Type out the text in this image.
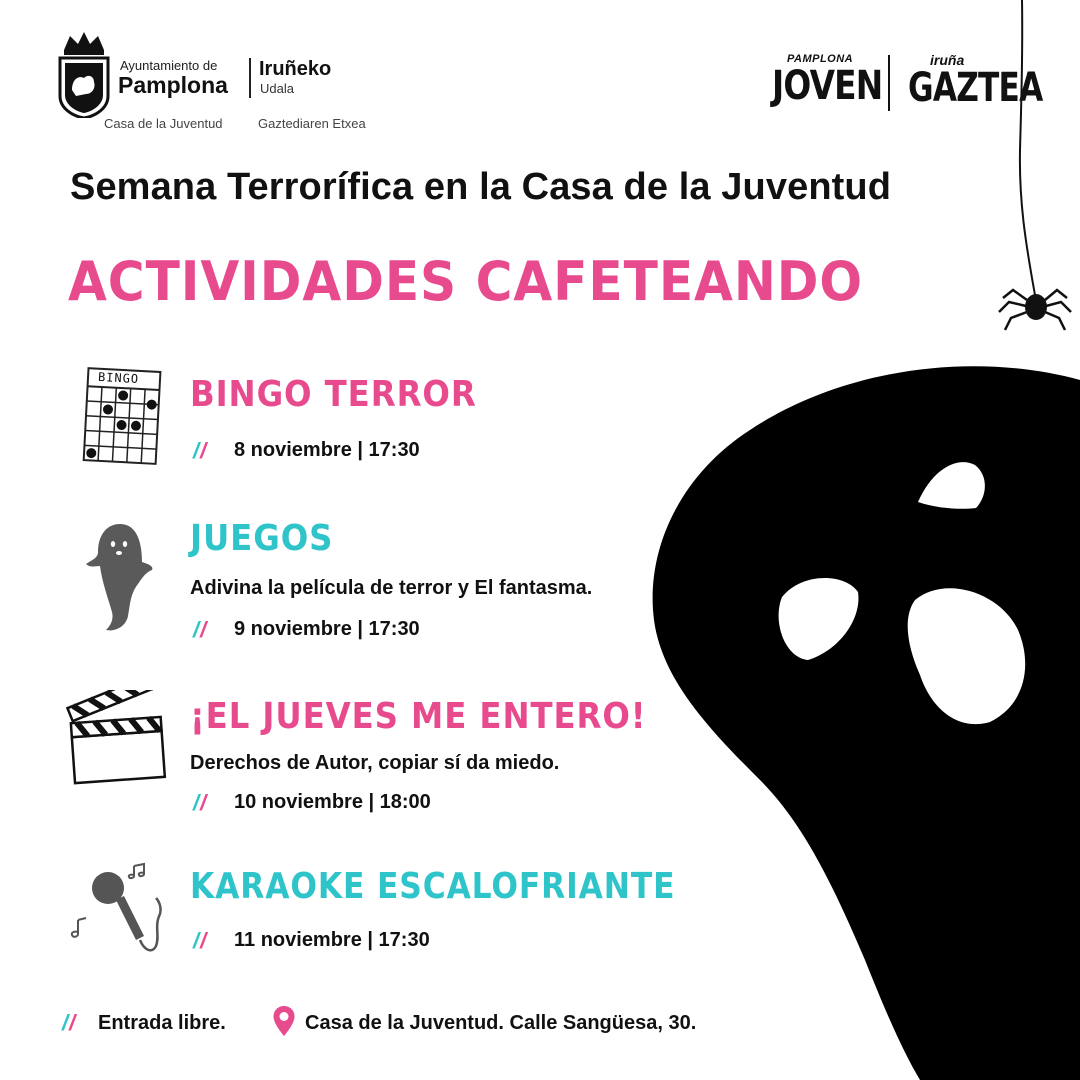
Ayuntamiento de
Pamplona
Iruñeko
Udala
Casa de la Juventud	Gaztediaren Etxea
PAMPLONA
JOVEN
iruña
GAZTEA
Semana Terrorífica en la Casa de la Juventud
ACTIVIDADES CAFETEANDO
BINGO BINGO TERROR
// 8 noviembre | 17:30
JUEGOS
Adivina la película de terror y El fantasma.
// 9 noviembre | 17:30
¡EL JUEVES ME ENTERO!
Derechos de Autor, copiar sí da miedo.
// 10 noviembre | 18:00
KARAOKE ESCALOFRIANTE
// 11 noviembre | 17:30
// Entrada libre.	Casa de la Juventud. Calle Sangüesa, 30.
